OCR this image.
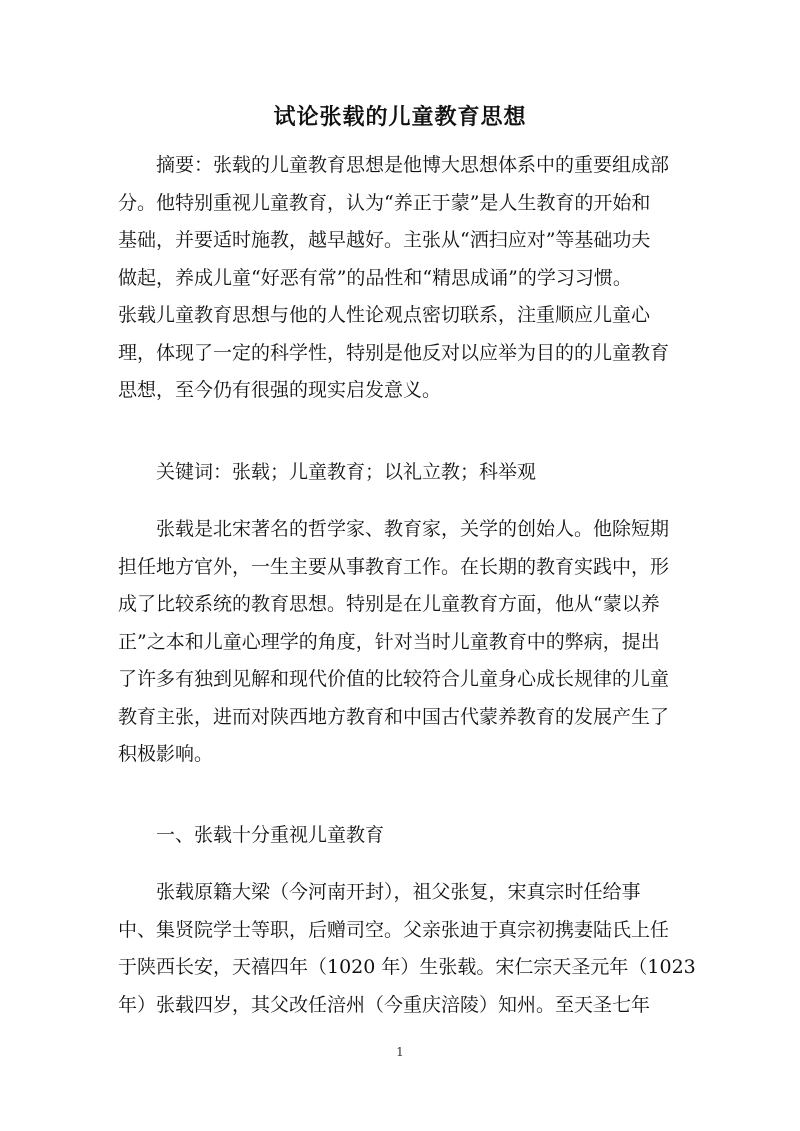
试论张载的儿童教育思想

摘要：张载的儿童教育思想是他博大思想体系中的重要组成部
分。他特别重视儿童教育，认为“养正于蒙”是人生教育的开始和
基础，并要适时施教，越早越好。主张从“洒扫应对”等基础功夫
做起，养成儿童“好恶有常”的品性和“精思成诵”的学习习惯。
张载儿童教育思想与他的人性论观点密切联系，注重顺应儿童心
理，体现了一定的科学性，特别是他反对以应举为目的的儿童教育
思想，至今仍有很强的现实启发意义。

关键词：张载；儿童教育；以礼立教；科举观

张载是北宋著名的哲学家、教育家，关学的创始人。他除短期
担任地方官外，一生主要从事教育工作。在长期的教育实践中，形
成了比较系统的教育思想。特别是在儿童教育方面，他从“蒙以养
正”之本和儿童心理学的角度，针对当时儿童教育中的弊病，提出
了许多有独到见解和现代价值的比较符合儿童身心成长规律的儿童
教育主张，进而对陕西地方教育和中国古代蒙养教育的发展产生了
积极影响。

一、张载十分重视儿童教育

张载原籍大梁（今河南开封），祖父张复，宋真宗时任给事
中、集贤院学士等职，后赠司空。父亲张迪于真宗初携妻陆氏上任
于陕西长安，天禧四年（1020 年）生张载。宋仁宗天圣元年（1023
年）张载四岁，其父改任涪州（今重庆涪陵）知州。至天圣七年

1
